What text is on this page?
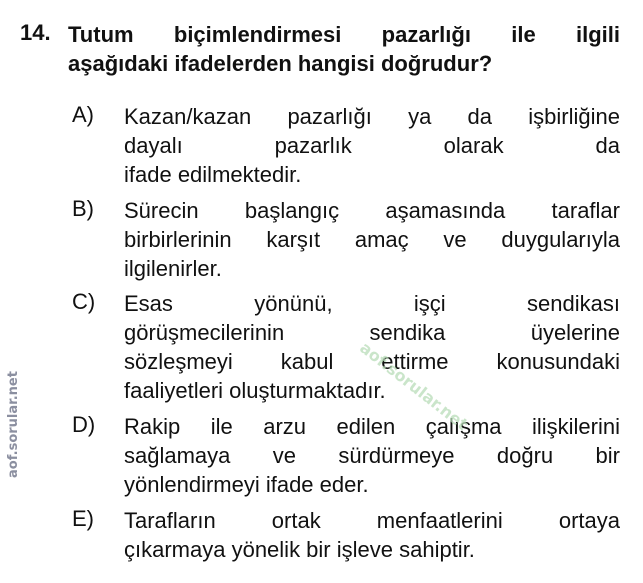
14. Tutum biçimlendirmesi pazarlığı ile ilgili
aşağıdaki ifadelerden hangisi doğrudur?
A) Kazan/kazan pazarlığı ya da işbirliğine
dayalı pazarlık olarak da
ifade edilmektedir.
B) Sürecin başlangıç aşamasında taraflar
birbirlerinin karşıt amaç ve duygularıyla
ilgilenirler.
C) Esas yönünü, işçi sendikası
görüşmecilerinin sendika üyelerine
sözleşmeyi kabul ettirme konusundaki
faaliyetleri oluşturmaktadır.
D) Rakip ile arzu edilen çalışma ilişkilerini
sağlamaya ve sürdürmeye doğru bir
yönlendirmeyi ifade eder.
E) Tarafların ortak menfaatlerini ortaya
çıkarmaya yönelik bir işleve sahiptir.
aof.sorular.net
aof.sorular.net
